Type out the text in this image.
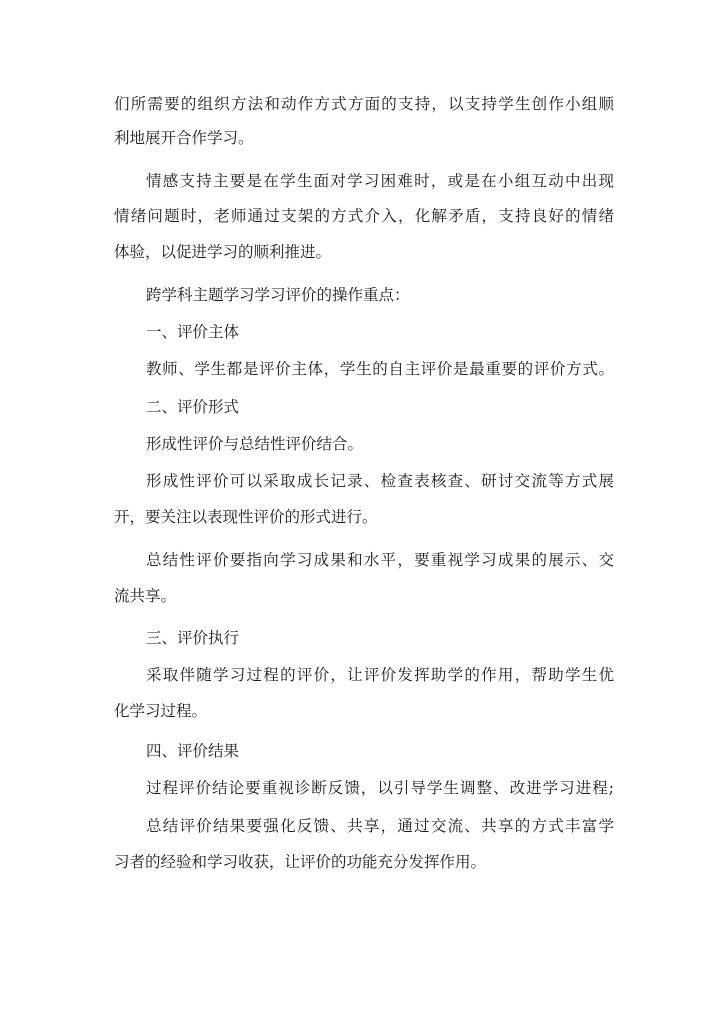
们所需要的组织方法和动作方式方面的支持，以支持学生创作小组顺
利地展开合作学习。
情感支持主要是在学生面对学习困难时，或是在小组互动中出现
情绪问题时，老师通过支架的方式介入，化解矛盾，支持良好的情绪
体验，以促进学习的顺利推进。
跨学科主题学习学习评价的操作重点：
一、评价主体
教师、学生都是评价主体，学生的自主评价是最重要的评价方式。
二、评价形式
形成性评价与总结性评价结合。
形成性评价可以采取成长记录、检查表核查、研讨交流等方式展
开，要关注以表现性评价的形式进行。
总结性评价要指向学习成果和水平，要重视学习成果的展示、交
流共享。
三、评价执行
采取伴随学习过程的评价，让评价发挥助学的作用，帮助学生优
化学习过程。
四、评价结果
过程评价结论要重视诊断反馈，以引导学生调整、改进学习进程;
总结评价结果要强化反馈、共享，通过交流、共享的方式丰富学
习者的经验和学习收获，让评价的功能充分发挥作用。
